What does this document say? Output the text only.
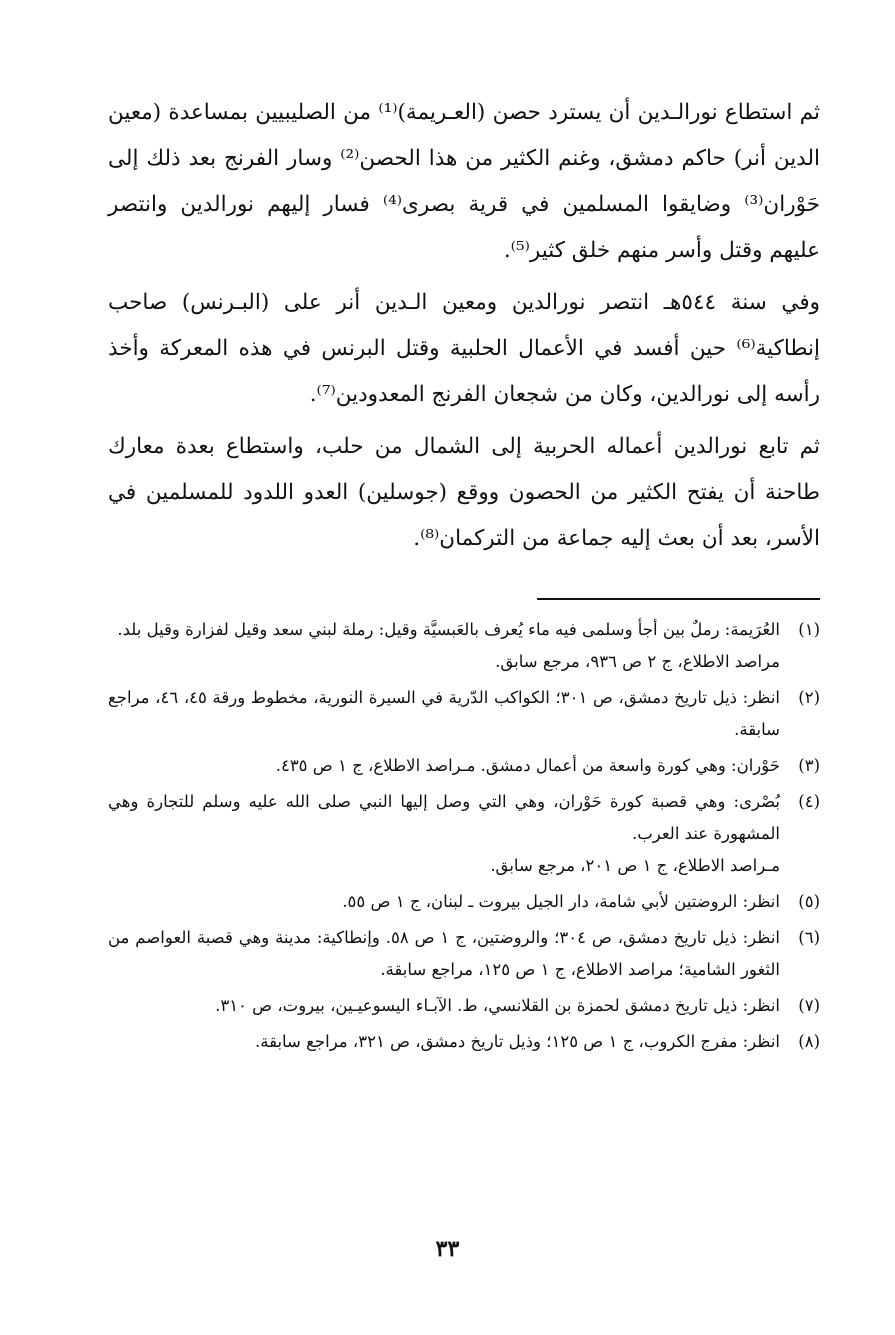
ثم استطاع نورالـدين أن يسترد حصن (العـريمة)⁽¹⁾ من الصليبيين بمساعدة (معين الدين أنر) حاكم دمشق، وغنم الكثير من هذا الحصن⁽²⁾ وسار الفرنج بعد ذلك إلى حَوْران⁽³⁾ وضايقوا المسلمين في قرية بصرى⁽⁴⁾ فسار إليهم نورالدين وانتصر عليهم وقتل وأسر منهم خلق كثير⁽⁵⁾.

وفي سنة ٥٤٤هـ انتصر نورالدين ومعين الـدين أنر على (البـرنس) صاحب إنطاكية⁽⁶⁾ حين أفسد في الأعمال الحلبية وقتل البرنس في هذه المعركة وأخذ رأسه إلى نورالدين، وكان من شجعان الفرنج المعدودين⁽⁷⁾.

ثم تابع نورالدين أعماله الحربية إلى الشمال من حلب، واستطاع بعدة معارك طاحنة أن يفتح الكثير من الحصون ووقع (جوسلين) العدو اللدود للمسلمين في الأسر، بعد أن بعث إليه جماعة من التركمان⁽⁸⁾.

(١)
العُرَيمة: رملٌ بين أجأ وسلمى فيه ماء يُعرف بالعَبسيَّة وقيل: رملة لبني سعد وقيل لفزارة وقيل بلد.
مراصد الاطلاع، ج ٢ ص ٩٣٦، مرجع سابق.
(٢)
انظر: ذيل تاريخ دمشق، ص ٣٠١؛ الكواكب الدّرية في السيرة النورية، مخطوط ورقة ٤٥، ٤٦، مراجع سابقة.
(٣)
حَوْران: وهي كورة واسعة من أعمال دمشق. مـراصد الاطلاع، ج ١ ص ٤٣٥.
(٤)
بُصْرى: وهي قصبة كورة حَوْران، وهي التي وصل إليها النبي صلى الله عليه وسلم للتجارة وهي المشهورة عند العرب.
مـراصد الاطلاع، ج ١ ص ٢٠١، مرجع سابق.
(٥)
انظر: الروضتين لأبي شامة، دار الجيل بيروت ـ لبنان، ج ١ ص ٥٥.
(٦)
انظر: ذيل تاريخ دمشق، ص ٣٠٤؛ والروضتين، ج ١ ص ٥٨. وإنطاكية: مدينة وهي قصبة العواصم من الثغور الشامية؛ مراصد الاطلاع، ج ١ ص ١٢٥، مراجع سابقة.
(٧)
انظر: ذيل تاريخ دمشق لحمزة بن القلانسي، ط. الآبـاء اليسوعيـين، بيروت، ص ٣١٠.
(٨)
انظر: مفرج الكروب، ج ١ ص ١٢٥؛ وذيل تاريخ دمشق، ص ٣٢١، مراجع سابقة.
٣٣
